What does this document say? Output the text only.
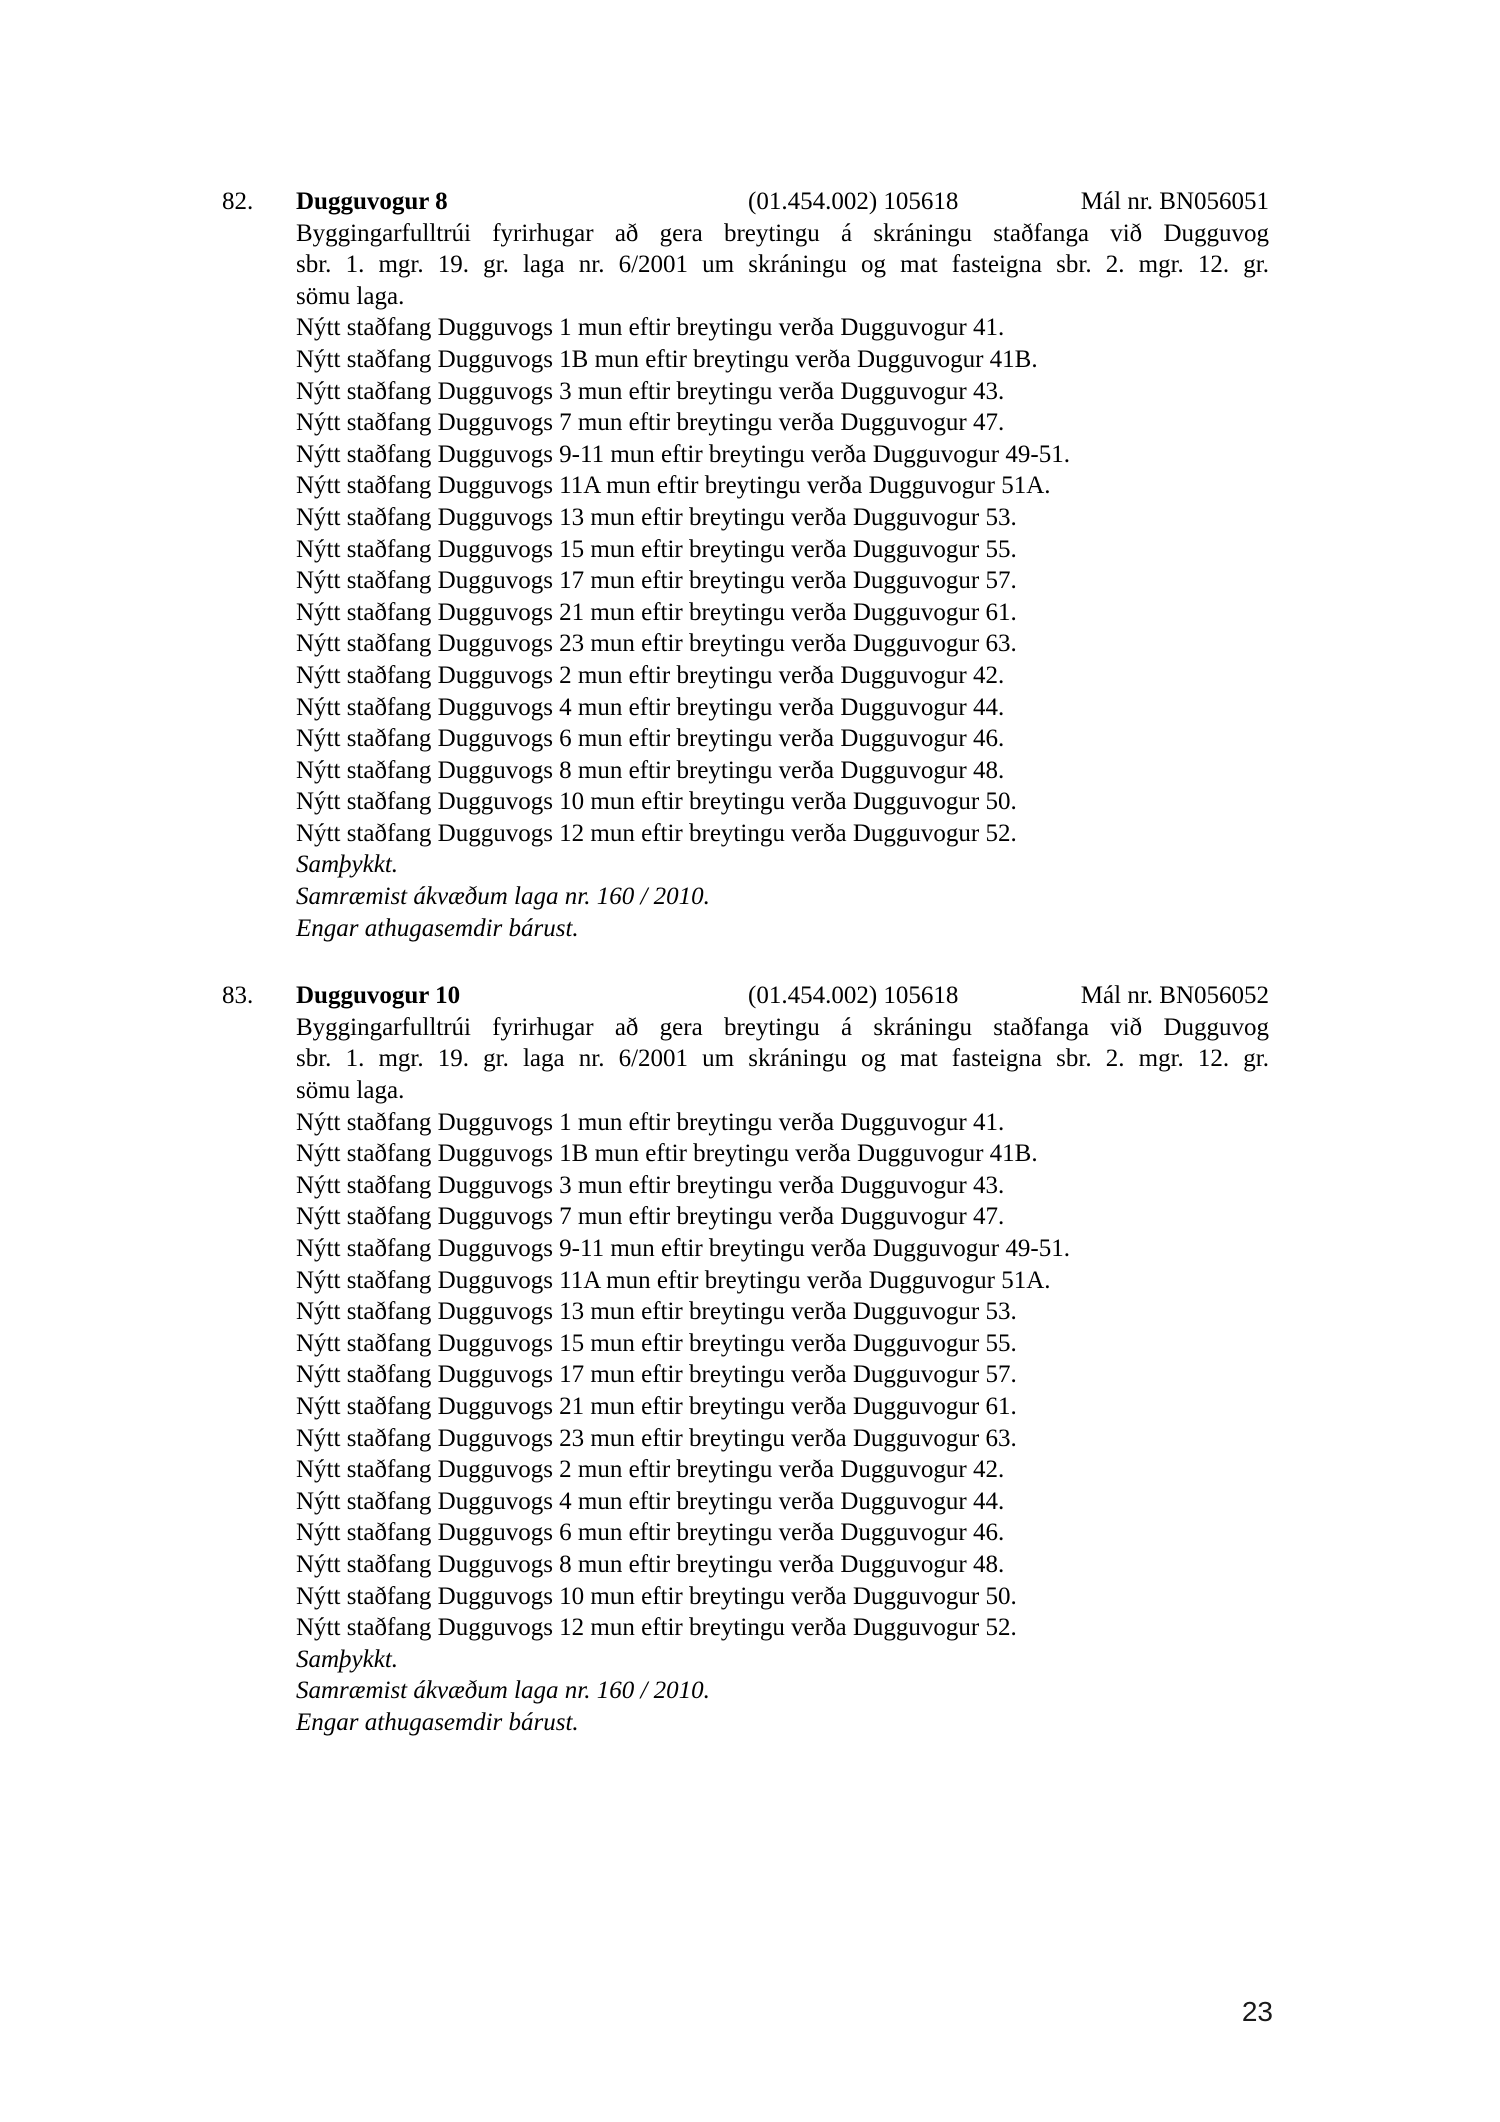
82.	Dugguvogur 8	(01.454.002) 105618	Mál nr. BN056051
Byggingarfulltrúi fyrirhugar að gera breytingu á skráningu staðfanga við Dugguvog
sbr. 1. mgr. 19. gr. laga nr. 6/2001 um skráningu og mat fasteigna sbr. 2. mgr. 12. gr.
sömu laga.
Nýtt staðfang Dugguvogs 1 mun eftir breytingu verða Dugguvogur 41.
Nýtt staðfang Dugguvogs 1B mun eftir breytingu verða Dugguvogur 41B.
Nýtt staðfang Dugguvogs 3 mun eftir breytingu verða Dugguvogur 43.
Nýtt staðfang Dugguvogs 7 mun eftir breytingu verða Dugguvogur 47.
Nýtt staðfang Dugguvogs 9-11 mun eftir breytingu verða Dugguvogur 49-51.
Nýtt staðfang Dugguvogs 11A mun eftir breytingu verða Dugguvogur 51A.
Nýtt staðfang Dugguvogs 13 mun eftir breytingu verða Dugguvogur 53.
Nýtt staðfang Dugguvogs 15 mun eftir breytingu verða Dugguvogur 55.
Nýtt staðfang Dugguvogs 17 mun eftir breytingu verða Dugguvogur 57.
Nýtt staðfang Dugguvogs 21 mun eftir breytingu verða Dugguvogur 61.
Nýtt staðfang Dugguvogs 23 mun eftir breytingu verða Dugguvogur 63.
Nýtt staðfang Dugguvogs 2 mun eftir breytingu verða Dugguvogur 42.
Nýtt staðfang Dugguvogs 4 mun eftir breytingu verða Dugguvogur 44.
Nýtt staðfang Dugguvogs 6 mun eftir breytingu verða Dugguvogur 46.
Nýtt staðfang Dugguvogs 8 mun eftir breytingu verða Dugguvogur 48.
Nýtt staðfang Dugguvogs 10 mun eftir breytingu verða Dugguvogur 50.
Nýtt staðfang Dugguvogs 12 mun eftir breytingu verða Dugguvogur 52.
Samþykkt.
Samræmist ákvæðum laga nr. 160 / 2010.
Engar athugasemdir bárust.
83.	Dugguvogur 10	(01.454.002) 105618	Mál nr. BN056052
Byggingarfulltrúi fyrirhugar að gera breytingu á skráningu staðfanga við Dugguvog
sbr. 1. mgr. 19. gr. laga nr. 6/2001 um skráningu og mat fasteigna sbr. 2. mgr. 12. gr.
sömu laga.
Nýtt staðfang Dugguvogs 1 mun eftir breytingu verða Dugguvogur 41.
Nýtt staðfang Dugguvogs 1B mun eftir breytingu verða Dugguvogur 41B.
Nýtt staðfang Dugguvogs 3 mun eftir breytingu verða Dugguvogur 43.
Nýtt staðfang Dugguvogs 7 mun eftir breytingu verða Dugguvogur 47.
Nýtt staðfang Dugguvogs 9-11 mun eftir breytingu verða Dugguvogur 49-51.
Nýtt staðfang Dugguvogs 11A mun eftir breytingu verða Dugguvogur 51A.
Nýtt staðfang Dugguvogs 13 mun eftir breytingu verða Dugguvogur 53.
Nýtt staðfang Dugguvogs 15 mun eftir breytingu verða Dugguvogur 55.
Nýtt staðfang Dugguvogs 17 mun eftir breytingu verða Dugguvogur 57.
Nýtt staðfang Dugguvogs 21 mun eftir breytingu verða Dugguvogur 61.
Nýtt staðfang Dugguvogs 23 mun eftir breytingu verða Dugguvogur 63.
Nýtt staðfang Dugguvogs 2 mun eftir breytingu verða Dugguvogur 42.
Nýtt staðfang Dugguvogs 4 mun eftir breytingu verða Dugguvogur 44.
Nýtt staðfang Dugguvogs 6 mun eftir breytingu verða Dugguvogur 46.
Nýtt staðfang Dugguvogs 8 mun eftir breytingu verða Dugguvogur 48.
Nýtt staðfang Dugguvogs 10 mun eftir breytingu verða Dugguvogur 50.
Nýtt staðfang Dugguvogs 12 mun eftir breytingu verða Dugguvogur 52.
Samþykkt.
Samræmist ákvæðum laga nr. 160 / 2010.
Engar athugasemdir bárust.
23
